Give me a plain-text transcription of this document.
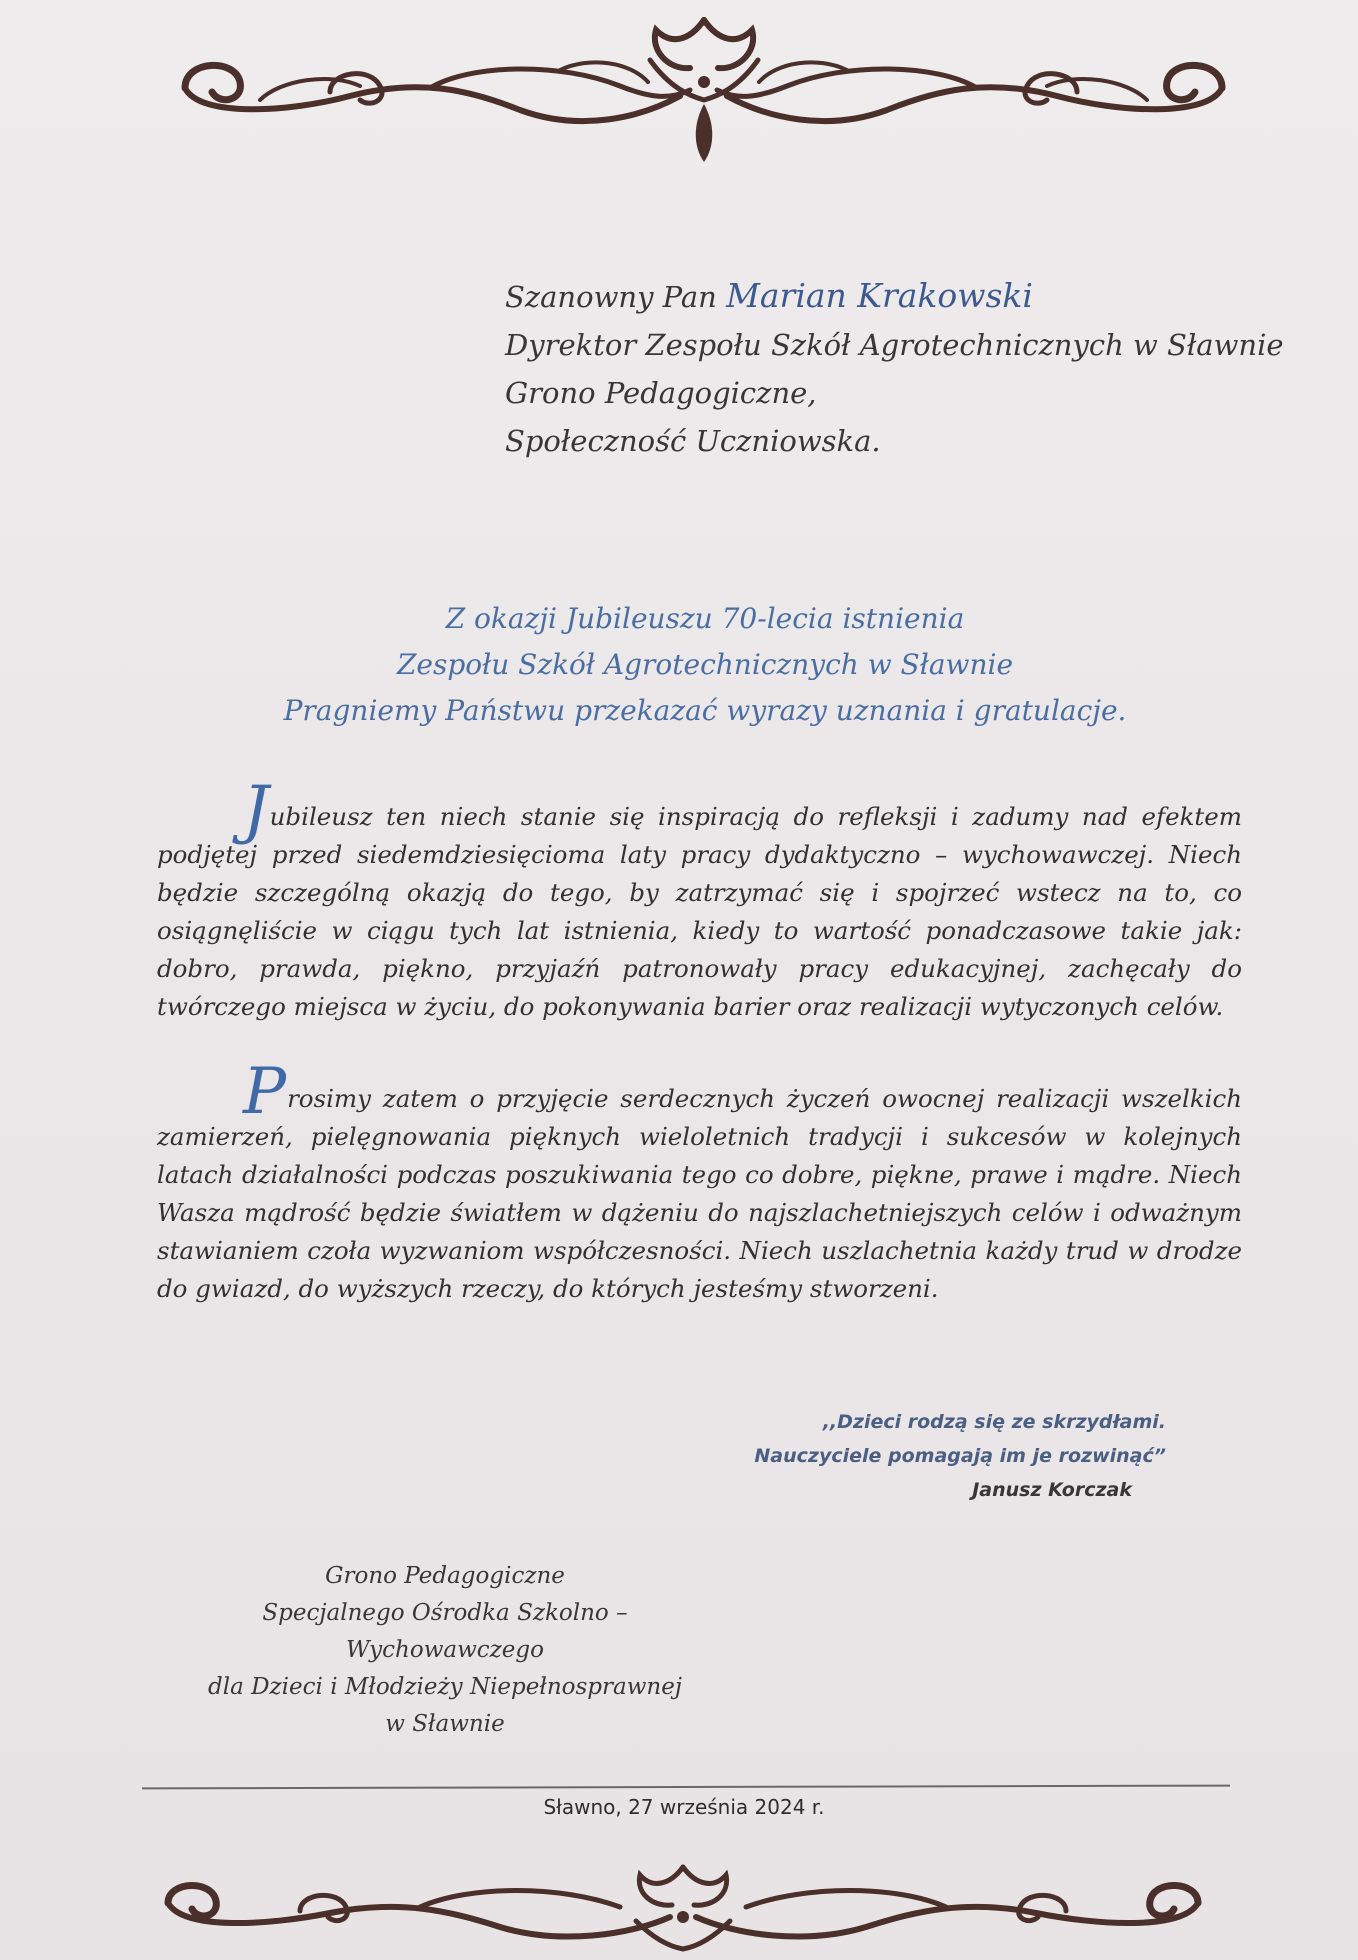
Szanowny Pan Marian Krakowski
Dyrektor Zespołu Szkół Agrotechnicznych w Sławnie
Grono Pedagogiczne,
Społeczność Uczniowska.
Z okazji Jubileuszu 70-lecia istnienia
Zespołu Szkół Agrotechnicznych w Sławnie
Pragniemy Państwu przekazać wyrazy uznania i gratulacje.
Jubileusz ten niech stanie się inspiracją do refleksji i zadumy nad efektem podjętej przed siedemdziesięcioma laty pracy dydaktyczno – wychowawczej. Niech będzie szczególną okazją do tego, by zatrzymać się i spojrzeć wstecz na to, co osiągnęliście w ciągu tych lat istnienia, kiedy to wartość ponadczasowe takie jak: dobro, prawda, piękno, przyjaźń patronowały pracy edukacyjnej, zachęcały do twórczego miejsca w życiu, do pokonywania barier oraz realizacji wytyczonych celów.
Prosimy zatem o przyjęcie serdecznych życzeń owocnej realizacji wszelkich zamierzeń, pielęgnowania pięknych wieloletnich tradycji i sukcesów w kolejnych latach działalności podczas poszukiwania tego co dobre, piękne, prawe i mądre. Niech Wasza mądrość będzie światłem w dążeniu do najszlachetniejszych celów i odważnym stawianiem czoła wyzwaniom współczesności. Niech uszlachetnia każdy trud w drodze do gwiazd, do wyższych rzeczy, do których jesteśmy stworzeni.
,,Dzieci rodzą się ze skrzydłami.
Nauczyciele pomagają im je rozwinąć”
Janusz Korczak
Grono Pedagogiczne
Specjalnego Ośrodka Szkolno – Wychowawczego
dla Dzieci i Młodzieży Niepełnosprawnej
w Sławnie
Sławno, 27 września 2024 r.
